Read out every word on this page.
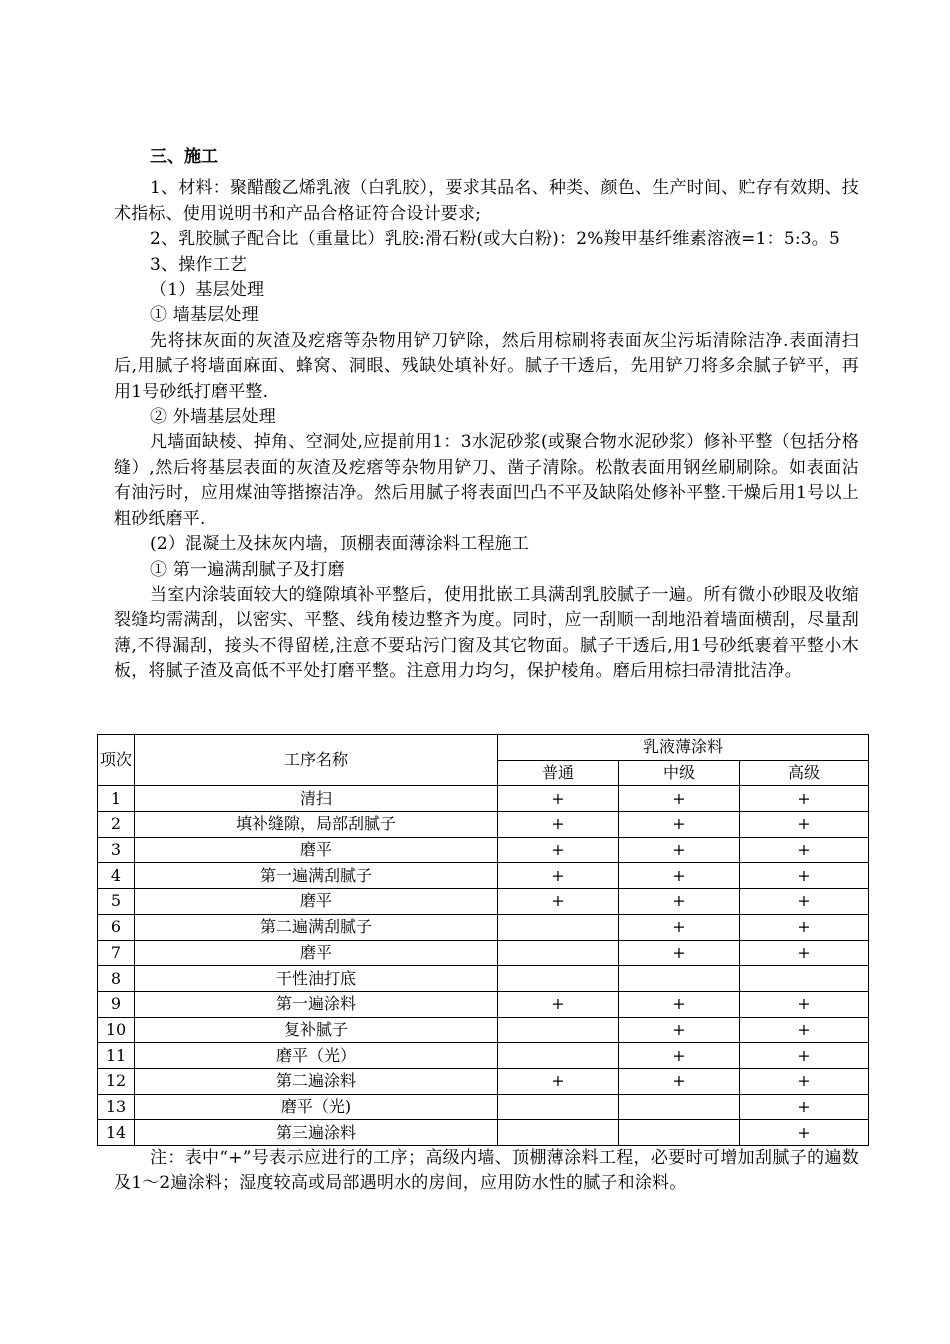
三、施工

1、材料：聚醋酸乙烯乳液（白乳胶），要求其品名、种类、颜色、生产时间、贮存有效期、技术指标、使用说明书和产品合格证符合设计要求;

2、乳胶腻子配合比（重量比）乳胶:滑石粉(或大白粉)：2%羧甲基纤维素溶液=1：5:3。5

3、操作工艺

（1）基层处理

① 墙基层处理

先将抹灰面的灰渣及疙瘩等杂物用铲刀铲除，然后用棕刷将表面灰尘污垢清除洁净.表面清扫后,用腻子将墙面麻面、蜂窝、洞眼、残缺处填补好。腻子干透后，先用铲刀将多余腻子铲平，再用1号砂纸打磨平整.

② 外墙基层处理

凡墙面缺棱、掉角、空洞处,应提前用1：3水泥砂浆(或聚合物水泥砂浆）修补平整（包括分格缝）,然后将基层表面的灰渣及疙瘩等杂物用铲刀、凿子清除。松散表面用钢丝刷刷除。如表面沾有油污时，应用煤油等揩擦洁净。然后用腻子将表面凹凸不平及缺陷处修补平整.干燥后用1号以上粗砂纸磨平.

(2）混凝土及抹灰内墙，顶棚表面薄涂料工程施工

① 第一遍满刮腻子及打磨

当室内涂装面较大的缝隙填补平整后，使用批嵌工具满刮乳胶腻子一遍。所有微小砂眼及收缩裂缝均需满刮，以密实、平整、线角棱边整齐为度。同时，应一刮顺一刮地沿着墙面横刮，尽量刮薄,不得漏刮，接头不得留槎,注意不要玷污门窗及其它物面。腻子干透后,用1号砂纸裹着平整小木板，将腻子渣及高低不平处打磨平整。注意用力均匀，保护棱角。磨后用棕扫帚清批洁净。

项次	工序名称	乳液薄涂料		
		普通	中级	高级
1	清扫	+	+	+
2	填补缝隙，局部刮腻子	+	+	+
3	磨平	+	+	+
4	第一遍满刮腻子	+	+	+
5	磨平	+	+	+
6	第二遍满刮腻子		+	+
7	磨平		+	+
8	干性油打底			
9	第一遍涂料	+	+	+
10	复补腻子		+	+
11	磨平（光）		+	+
12	第二遍涂料	+	+	+
13	磨平（光)			+
14	第三遍涂料			+

注：表中“+”号表示应进行的工序；高级内墙、顶棚薄涂料工程，必要时可增加刮腻子的遍数及1～2遍涂料；湿度较高或局部遇明水的房间，应用防水性的腻子和涂料。
